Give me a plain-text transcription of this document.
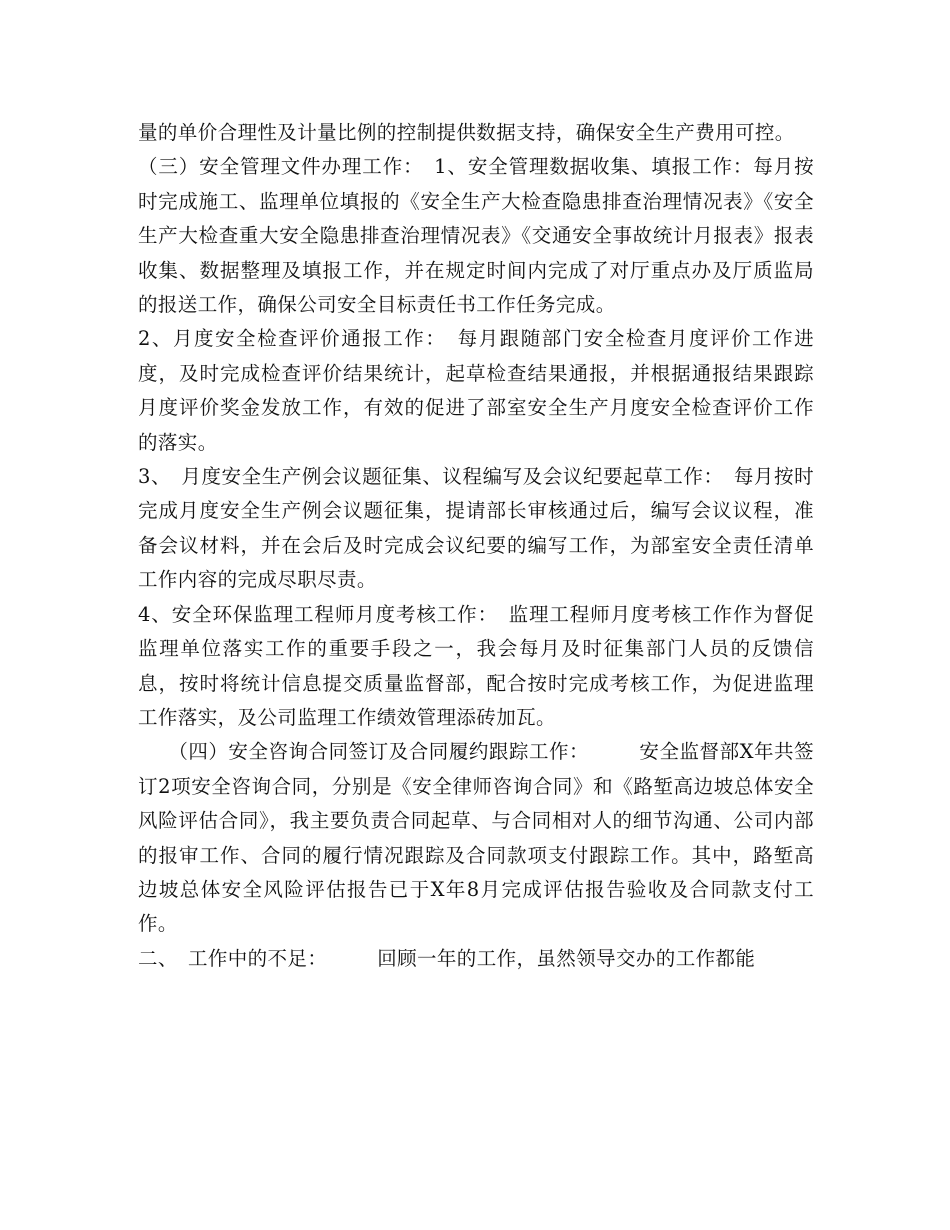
量的单价合理性及计量比例的控制提供数据支持，确保安全生产费用可控。

（三）安全管理文件办理工作：　1、安全管理数据收集、填报工作：每月按时完成施工、监理单位填报的《安全生产大检查隐患排查治理情况表》《安全生产大检查重大安全隐患排查治理情况表》《交通安全事故统计月报表》报表收集、数据整理及填报工作，并在规定时间内完成了对厅重点办及厅质监局的报送工作，确保公司安全目标责任书工作任务完成。

2、月度安全检查评价通报工作：　每月跟随部门安全检查月度评价工作进度，及时完成检查评价结果统计，起草检查结果通报，并根据通报结果跟踪月度评价奖金发放工作，有效的促进了部室安全生产月度安全检查评价工作的落实。

3、　月度安全生产例会议题征集、议程编写及会议纪要起草工作：　每月按时完成月度安全生产例会议题征集，提请部长审核通过后，编写会议议程，准备会议材料，并在会后及时完成会议纪要的编写工作，为部室安全责任清单工作内容的完成尽职尽责。

4、安全环保监理工程师月度考核工作：　监理工程师月度考核工作作为督促监理单位落实工作的重要手段之一，我会每月及时征集部门人员的反馈信息，按时将统计信息提交质量监督部，配合按时完成考核工作，为促进监理工作落实，及公司监理工作绩效管理添砖加瓦。

　　（四）安全咨询合同签订及合同履约跟踪工作：　　　安全监督部X年共签订2项安全咨询合同，分别是《安全律师咨询合同》和《路堑高边坡总体安全风险评估合同》，我主要负责合同起草、与合同相对人的细节沟通、公司内部的报审工作、合同的履行情况跟踪及合同款项支付跟踪工作。其中，路堑高边坡总体安全风险评估报告已于X年8月完成评估报告验收及合同款支付工作。

二、　工作中的不足：　　　回顾一年的工作，虽然领导交办的工作都能
